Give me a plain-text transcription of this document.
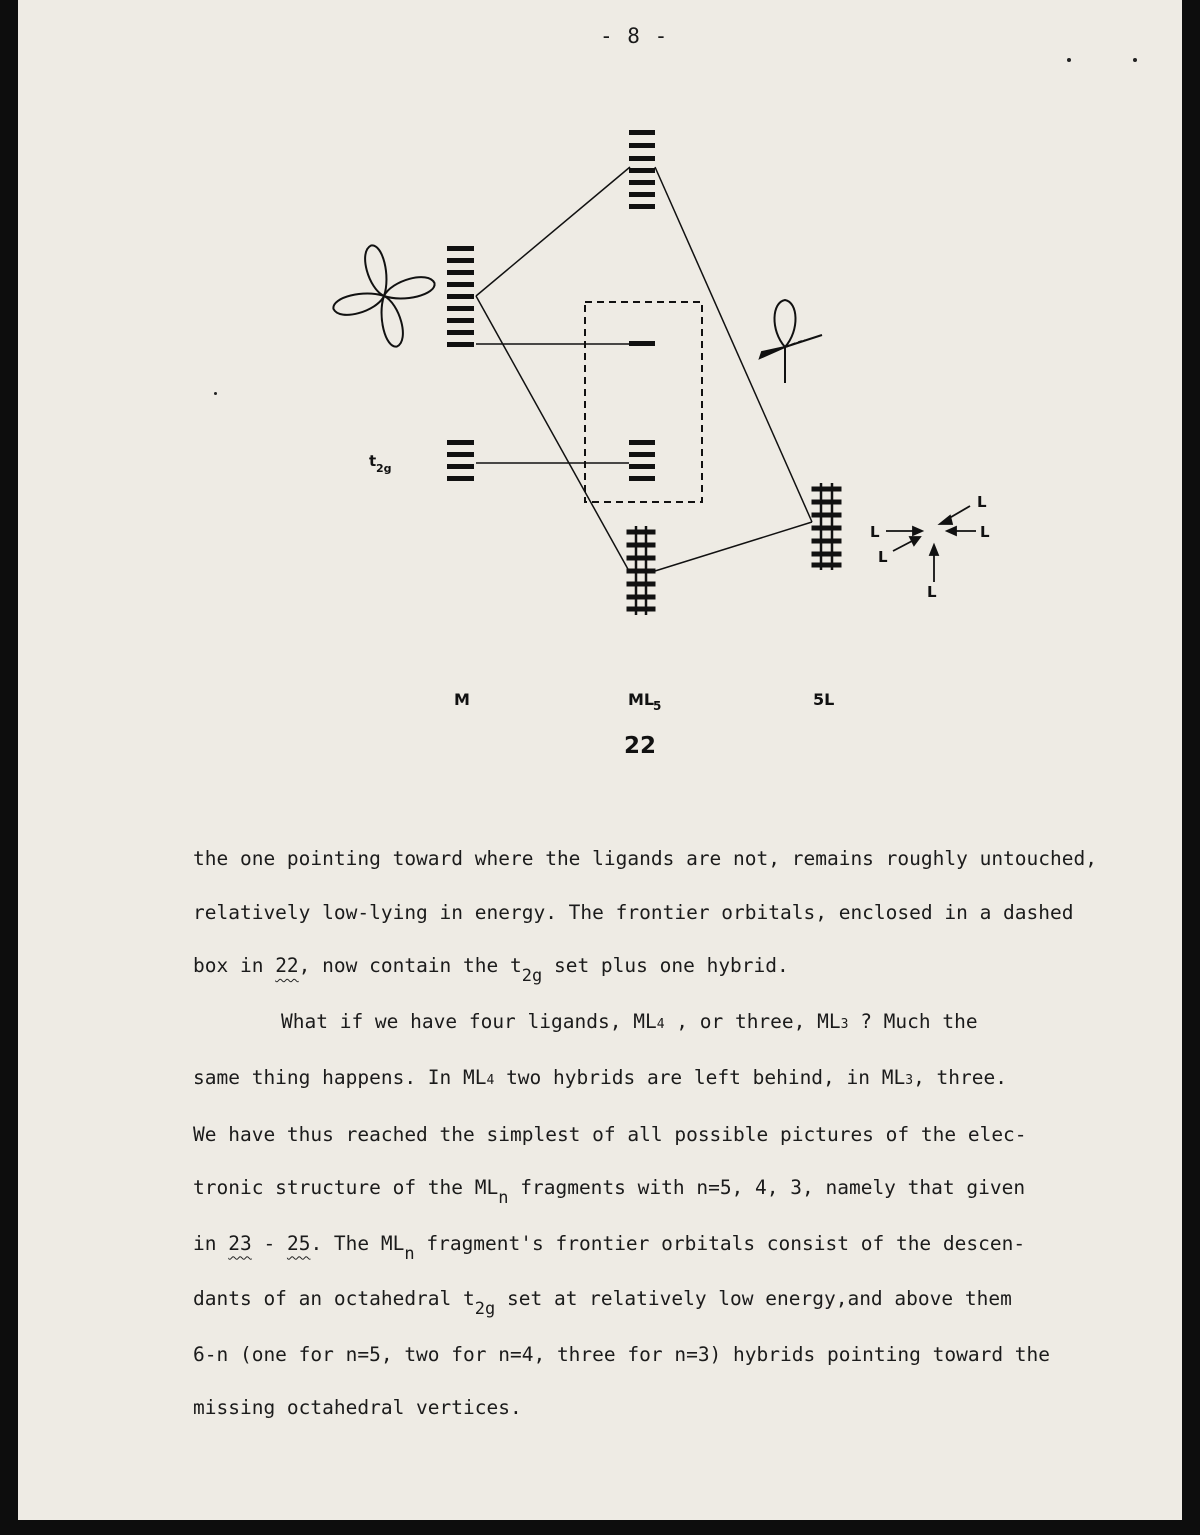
- 8 -
L
L
L
L
L
t 2g
M	ML
5	5L
22

the one pointing toward where the ligands are not, remains roughly untouched,

relatively low-lying in energy. The frontier orbitals, enclosed in a dashed

box in 22, now contain the t2g set plus one hybrid.

What if we have four ligands, ML4 , or three, ML3 ? Much the

same thing happens. In ML4 two hybrids are left behind, in ML3, three.

We have thus reached the simplest of all possible pictures of the elec-

tronic structure of the MLn fragments with n=5, 4, 3, namely that given

in 23 - 25. The MLn fragment's frontier orbitals consist of the descen-

dants of an octahedral t2g set at relatively low energy,and above them

6-n (one for n=5, two for n=4, three for n=3) hybrids pointing toward the

missing octahedral vertices.
